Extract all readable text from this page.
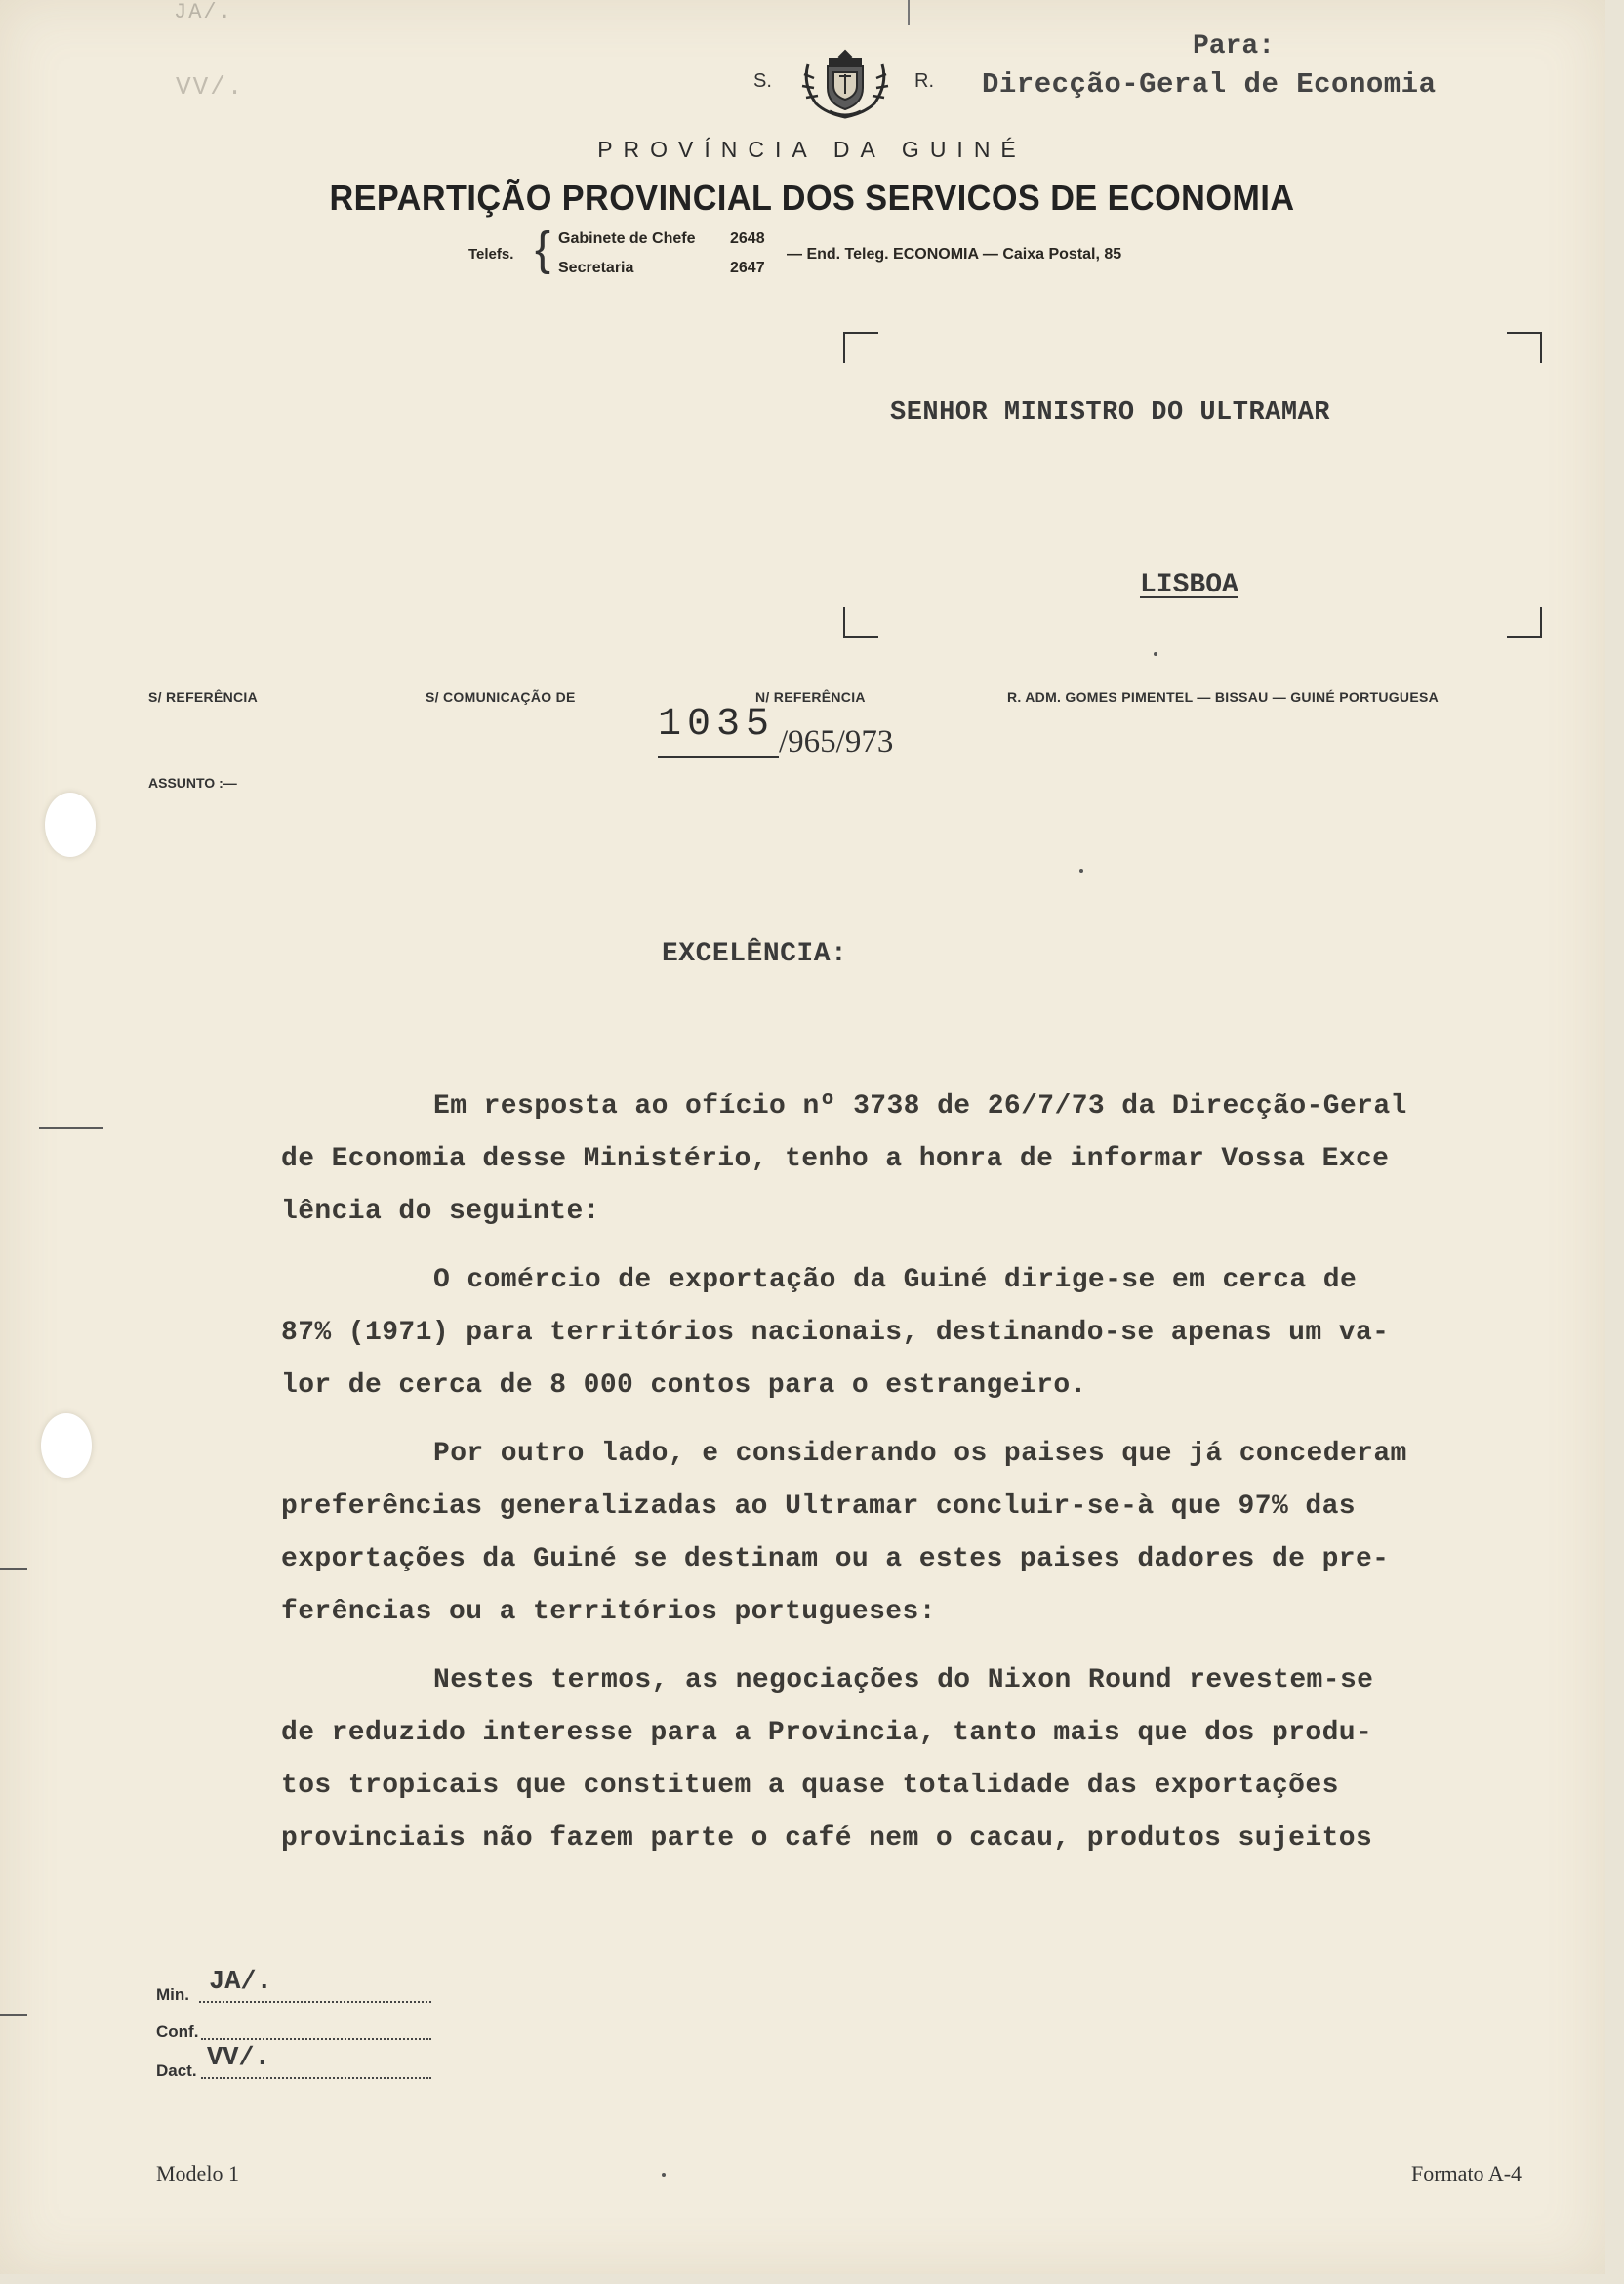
JA/.
VV/.
Para:
Direcção-Geral de Economia
S.	R.
PROVÍNCIA DA GUINÉ
REPARTIÇÃO PROVINCIAL DOS SERVICOS DE ECONOMIA
Telefs. { Gabinete de Chefe 2648
Secretaria	2647
— End. Teleg. ECONOMIA — Caixa Postal, 85
SENHOR MINISTRO DO ULTRAMAR
LISBOA
S/ REFERÊNCIA	S/ COMUNICAÇÃO DE	N/ REFERÊNCIA	R. ADM. GOMES PIMENTEL — BISSAU — GUINÉ PORTUGUESA
1035 /965/973
ASSUNTO :—
EXCELÊNCIA:
Em resposta ao ofício nº 3738 de 26/7/73 da Direcção-Geral
de Economia desse Ministério, tenho a honra de informar Vossa Exce
lência do seguinte:
O comércio de exportação da Guiné dirige-se em cerca de
87% (1971) para territórios nacionais, destinando-se apenas um va-
lor de cerca de 8 000 contos para o estrangeiro.
Por outro lado, e considerando os paises que já concederam
preferências generalizadas ao Ultramar concluir-se-à que 97% das
exportações da Guiné se destinam ou a estes paises dadores de pre-
ferências ou a territórios portugueses:
Nestes termos, as negociações do Nixon Round revestem-se
de reduzido interesse para a Provincia, tanto mais que dos produ-
tos tropicais que constituem a quase totalidade das exportações
provinciais não fazem parte o café nem o cacau, produtos sujeitos
Min. JA/.
Conf.
Dact. VV/.
Modelo 1	Formato A-4
